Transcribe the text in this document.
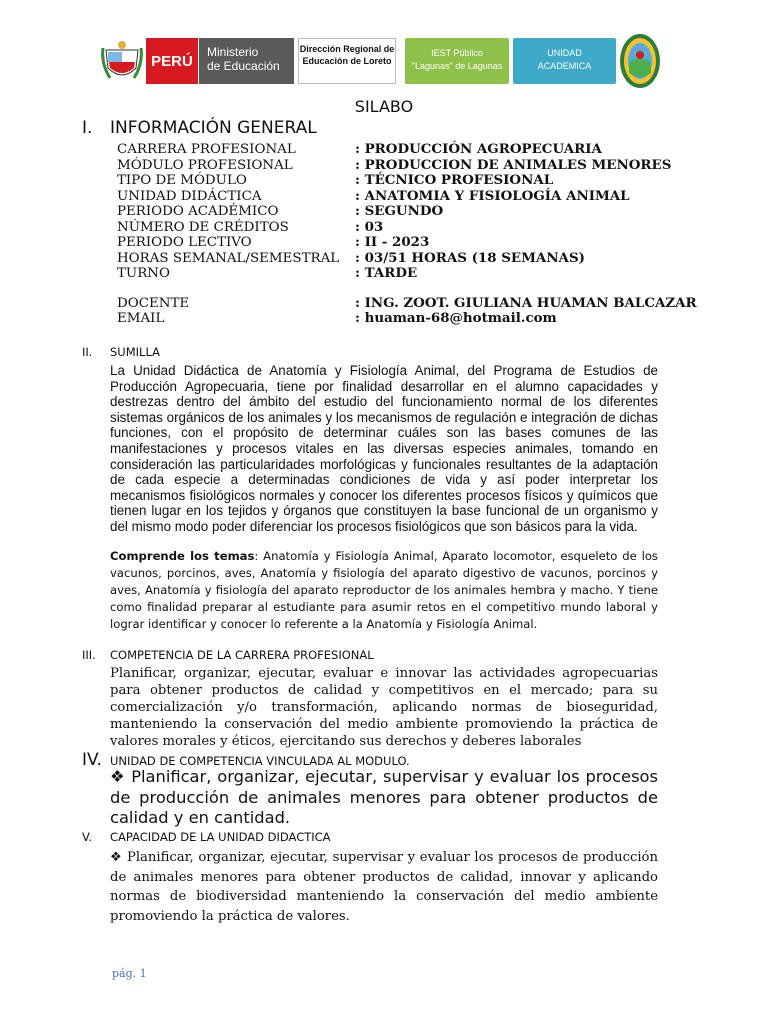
PERÚ
Ministerio
de Educación
Dirección Regional de Educación de Loreto
IEST Público
"Lagunas" de Lagunas
UNIDAD
ACADEMICA
SILABO
I. INFORMACIÓN GENERAL
CARRERA PROFESIONAL	: PRODUCCIÓN AGROPECUARIA
MÓDULO PROFESIONAL	: PRODUCCION DE ANIMALES MENORES
TIPO DE MÓDULO	: TÉCNICO PROFESIONAL
UNIDAD DIDÁCTICA	: ANATOMIA Y FISIOLOGÍA ANIMAL
PERIODO ACADÉMICO	: SEGUNDO
NÚMERO DE CRÉDITOS	: 03
PERIODO LECTIVO	: II - 2023
HORAS SEMANAL/SEMESTRAL	: 03/51 HORAS (18 SEMANAS)
TURNO	: TARDE
DOCENTE	: ING. ZOOT. GIULIANA HUAMAN BALCAZAR
EMAIL	: huaman-68@hotmail.com
II. SUMILLA
La Unidad Didáctica de Anatomía y Fisiología Animal, del Programa de Estudios de Producción Agropecuaria, tiene por finalidad desarrollar en el alumno capacidades y destrezas dentro del ámbito del estudio del funcionamiento normal de los diferentes sistemas orgánicos de los animales y los mecanismos de regulación e integración de dichas funciones, con el propósito de determinar cuáles son las bases comunes de las manifestaciones y procesos vitales en las diversas especies animales, tomando en consideración las particularidades morfológicas y funcionales resultantes de la adaptación de cada especie a determinadas condiciones de vida y así poder interpretar los mecanismos fisiológicos normales y conocer los diferentes procesos físicos y químicos que tienen lugar en los tejidos y órganos que constituyen la base funcional de un organismo y del mismo modo poder diferenciar los procesos fisiológicos que son básicos para la vida.
Comprende los temas: Anatomía y Fisiología Animal, Aparato locomotor, esqueleto de los vacunos, porcinos, aves, Anatomía y fisiología del aparato digestivo de vacunos, porcinos y aves, Anatomía y fisiología del aparato reproductor de los animales hembra y macho. Y tiene como finalidad preparar al estudiante para asumir retos en el competitivo mundo laboral y lograr identificar y conocer lo referente a la Anatomía y Fisiología Animal.
III. COMPETENCIA DE LA CARRERA PROFESIONAL
Planificar, organizar, ejecutar, evaluar e innovar las actividades agropecuarias para obtener productos de calidad y competitivos en el mercado; para su comercialización y/o transformación, aplicando normas de bioseguridad, manteniendo la conservación del medio ambiente promoviendo la práctica de valores morales y éticos, ejercitando sus derechos y deberes laborales
IV. UNIDAD DE COMPETENCIA VINCULADA AL MODULO.
❖ Planificar, organizar, ejecutar, supervisar y evaluar los procesos de producción de animales menores para obtener productos de calidad y en cantidad.
V. CAPACIDAD DE LA UNIDAD DIDACTICA
❖ Planificar, organizar, ejecutar, supervisar y evaluar los procesos de producción de animales menores para obtener productos de calidad, innovar y aplicando normas de biodiversidad manteniendo la conservación del medio ambiente promoviendo la práctica de valores.
pág. 1
